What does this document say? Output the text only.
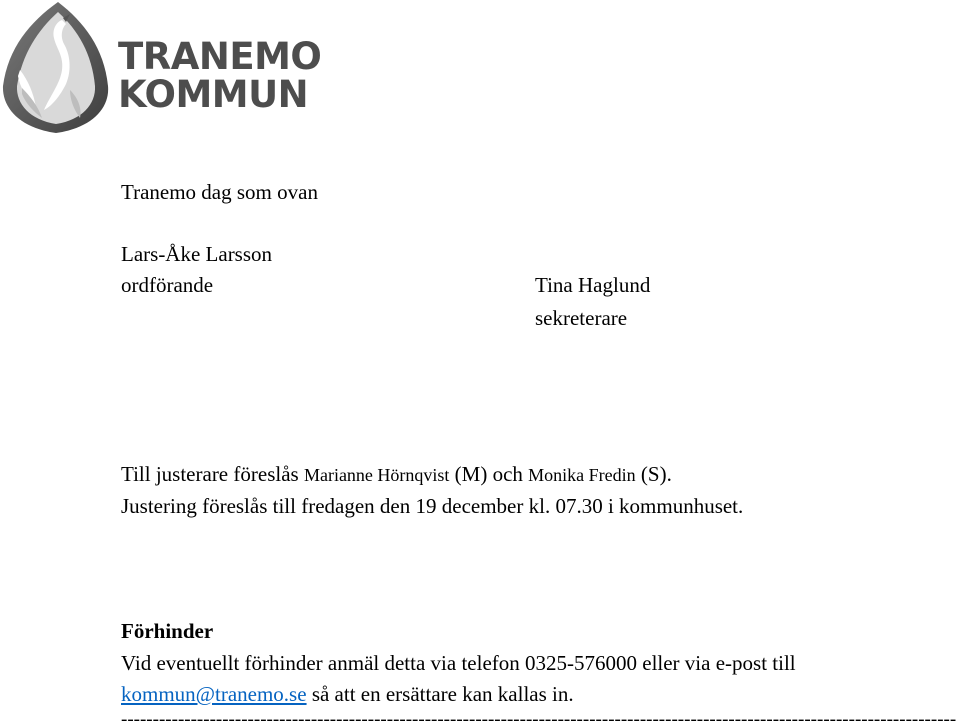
TRANEMO
KOMMUN
Tranemo dag som ovan
Lars-Åke Larsson
ordförande	Tina Haglund
sekreterare
Till justerare föreslås Marianne Hörnqvist (M) och Monika Fredin (S).
Justering föreslås till fredagen den 19 december kl. 07.30 i kommunhuset.
Förhinder
Vid eventuellt förhinder anmäl detta via telefon 0325-576000 eller via e-post till
kommun@tranemo.se så att en ersättare kan kallas in.
------------------------------------------------------------------------------------------------------------------------------------
